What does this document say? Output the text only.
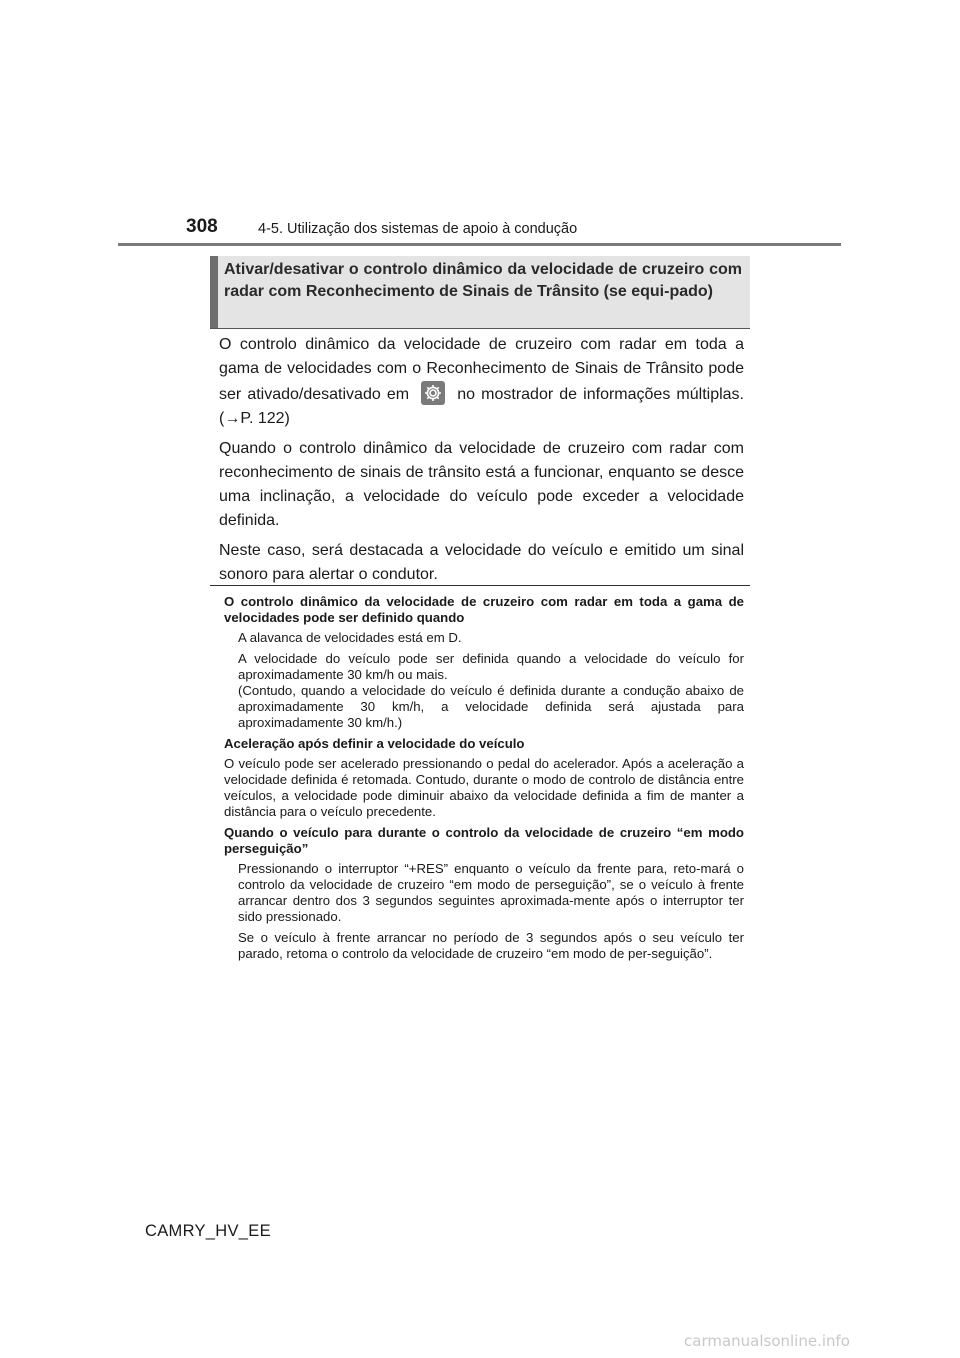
308	4-5. Utilização dos sistemas de apoio à condução
Ativar/desativar o controlo dinâmico da velocidade de cruzeiro com radar com Reconhecimento de Sinais de Trânsito (se equi-pado)

O controlo dinâmico da velocidade de cruzeiro com radar em toda a gama de velocidades com o Reconhecimento de Sinais de Trânsito pode ser ativado/desativado em	no mostrador de informações múltiplas. (→P. 122)

Quando o controlo dinâmico da velocidade de cruzeiro com radar com reconhecimento de sinais de trânsito está a funcionar, enquanto se desce uma inclinação, a velocidade do veículo pode exceder a velocidade definida.

Neste caso, será destacada a velocidade do veículo e emitido um sinal sonoro para alertar o condutor.

O controlo dinâmico da velocidade de cruzeiro com radar em toda a gama de velocidades pode ser definido quando
A alavanca de velocidades está em D.
A velocidade do veículo pode ser definida quando a velocidade do veículo for aproximadamente 30 km/h ou mais.
(Contudo, quando a velocidade do veículo é definida durante a condução abaixo de aproximadamente 30 km/h, a velocidade definida será ajustada para aproximadamente 30 km/h.)
Aceleração após definir a velocidade do veículo
O veículo pode ser acelerado pressionando o pedal do acelerador. Após a aceleração a velocidade definida é retomada. Contudo, durante o modo de controlo de distância entre veículos, a velocidade pode diminuir abaixo da velocidade definida a fim de manter a distância para o veículo precedente.
Quando o veículo para durante o controlo da velocidade de cruzeiro “em modo perseguição”
Pressionando o interruptor “+RES” enquanto o veículo da frente para, reto-mará o controlo da velocidade de cruzeiro “em modo de perseguição”, se o veículo à frente arrancar dentro dos 3 segundos seguintes aproximada-mente após o interruptor ter sido pressionado.
Se o veículo à frente arrancar no período de 3 segundos após o seu veículo ter parado, retoma o controlo da velocidade de cruzeiro “em modo de per-seguição”.
CAMRY_HV_EE
carmanualsonline.info
